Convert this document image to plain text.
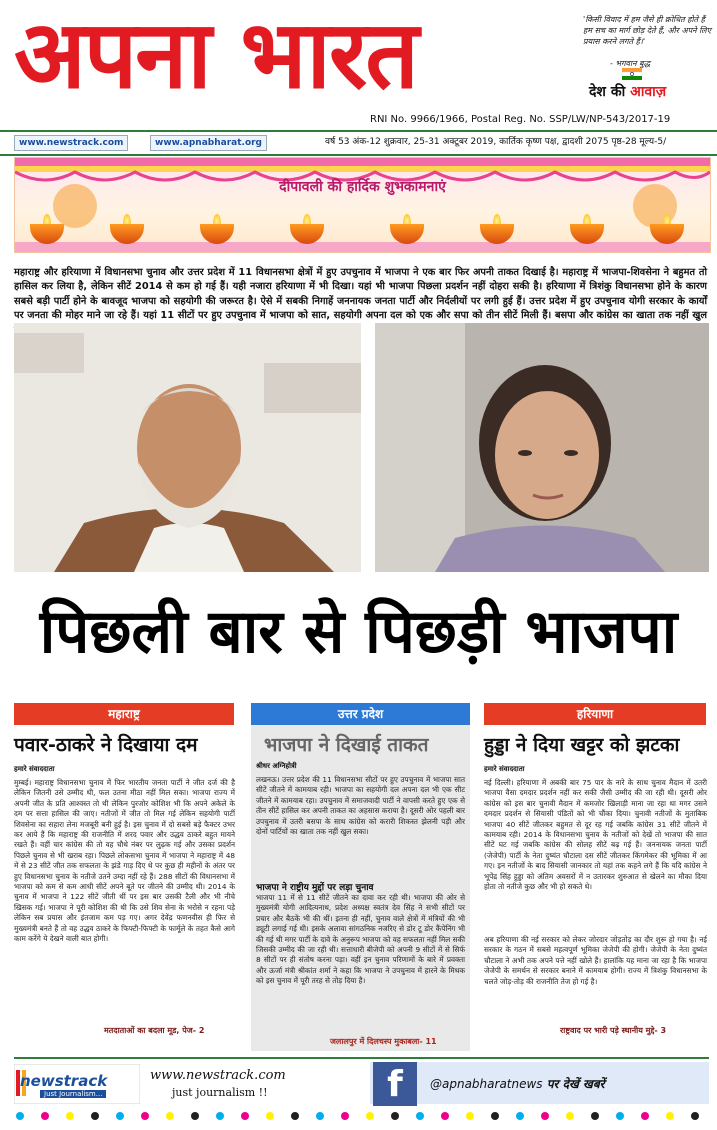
अपना भारत	'किसी विवाद में हम जैसे ही क्रोधित होते हैं हम सच का मार्ग छोड़ देते हैं, और अपने लिए प्रयास करने लगते हैं।'
- भगवान बुद्ध
देश की आवाज़
RNI No. 9966/1966, Postal Reg. No. SSP/LW/NP-543/2017-19
www.newstrack.com	www.apnabharat.org	वर्ष 53 अंक-12 शुक्रवार, 25-31 अक्टूबर 2019, कार्तिक कृष्ण पक्ष, द्वादशी 2075 पृष्ठ-28 मूल्य-5/
दीपावली की हार्दिक शुभकामनाएं
महाराष्ट्र और हरियाणा में विधानसभा चुनाव और उत्तर प्रदेश में 11 विधानसभा क्षेत्रों में हुए उपचुनाव में भाजपा ने एक बार फिर अपनी ताकत दिखाई है। महाराष्ट्र में भाजपा-शिवसेना ने बहुमत तो हासिल कर लिया है, लेकिन सीटें 2014 से कम हो गई हैं। यही नजारा हरियाणा में भी दिखा। यहां भी भाजपा पिछला प्रदर्शन नहीं दोहरा सकी है। हरियाणा में त्रिशंकु विधानसभा होने के कारण सबसे बड़ी पार्टी होने के बावजूद भाजपा को सहयोगी की जरूरत है। ऐसे में सबकी निगाहें जननायक जनता पार्टी और निर्दलीयों पर लगी हुई हैं। उत्तर प्रदेश में हुए उपचुनाव योगी सरकार के कार्यों पर जनता की मोहर माने जा रहे हैं। यहां 11 सीटों पर हुए उपचुनाव में भाजपा को सात, सहयोगी अपना दल को एक और सपा को तीन सीटें मिली हैं। बसपा और कांग्रेस का खाता तक नहीं खुल
पिछली बार से पिछड़ी भाजपा
महाराष्ट्र
पवार-ठाकरे ने दिखाया दम
हमारे संवाददाता
मुम्बई। महाराष्ट्र विधानसभा चुनाव में फिर भारतीय जनता पार्टी ने जीत दर्ज की है लेकिन जितनी उसे उम्मीद थी, फल उतना मीठा नहीं मिल सका। भाजपा राज्य में अपनी जीत के प्रति आश्वस्त तो थी लेकिन पुरजोर कोशिश भी कि अपने अकेले के दम पर सत्ता हासिल की जाए। नतीजों में जीत तो मिल गई लेकिन सहयोगी पार्टी शिवसेना का सहारा लेना मजबूरी बनी हुई है। इस चुनाव में दो सबसे बड़े फैक्टर उभर कर आये हैं कि महाराष्ट्र की राजनीति में शरद पवार और उद्धव ठाकरे बहुत मायने रखते हैं। वहीं चार कांग्रेस की तो वह चौथे नंबर पर लुढ़क गई और उसका प्रदर्शन पिछले चुनाव से भी खराब रहा। पिछले लोकसभा चुनाव में भाजपा ने महाराष्ट्र में 48 में से 23 सीटें जीत तक सफलता के झंडे गाड़ दिए थे पर कुछ ही महीनों के अंतर पर हुए विधानसभा चुनाव के नतीजे उतने उम्दा नहीं रहे हैं। 288 सीटों की विधानसभा में भाजपा को कम से कम आधी सीटें अपने बूते पर जीतने की उम्मीद थी। 2014 के चुनाव में भाजपा ने 122 सीटें जीती थीं पर इस बार उसकी टैली और भी नीचे खिसक गई। भाजपा ने पूरी कोशिश की थी कि उसे शिव सेना के भरोसे न रहना पड़े लेकिन सब प्रयास और इंतजाम कम पड़ गए। अगर देवेंद्र फणनवीस ही फिर से मुख्यमंत्री बनते हैं तो वह उद्धव ठाकरे के फिफ्टी-फिफ्टी के फार्मूले के तहत कैसे आगे काम करेंगे ये देखने वाली बात होगी।
मतदाताओं का बदला मूड, पेज- 2
उत्तर प्रदेश
भाजपा ने दिखाई ताकत
श्रीधर अग्निहोत्री
लखनऊ। उत्तर प्रदेश की 11 विधानसभा सीटों पर हुए उपचुनाव में भाजपा सात सीटें जीतने में कामयाब रही। भाजपा का सहयोगी दल अपना दल भी एक सीट जीतने में कामयाब रहा। उपचुनाव में समाजवादी पार्टी ने वापसी करते हुए एक से तीन सीटें हासिल कर अपनी ताकत का अहसास कराया है। दूसरी ओर पहली बार उपचुनाव में उतरी बसपा के साथ कांग्रेस को करारी शिकस्त झेलनी पड़ी और दोनों पार्टियों का खाता तक नहीं खुल सका।
भाजपा ने राष्ट्रीय मुद्दों पर लड़ा चुनाव
भाजपा 11 में से 11 सीटें जीतने का दावा कर रही थी। भाजपा की ओर से मुख्यमंत्री योगी आदित्यनाथ, प्रदेश अध्यक्ष स्वतंत्र देव सिंह ने सभी सीटों पर प्रचार और बैठकें भी की थीं। इतना ही नहीं, चुनाव वाले क्षेत्रों में मंत्रियों की भी ड्यूटी लगाई गई थी। इसके अलावा सांगठनिक नजरिए से डोर टू डोर कैंपेनिंग भी की गई थी मगर पार्टी के दावे के अनुरूप भाजपा को वह सफलता नहीं मिल सकी जिसकी उम्मीद की जा रही थी। सत्ताधारी बीजेपी को अपनी 9 सीटों में से सिर्फ 8 सीटों पर ही संतोष करना पड़ा। वहीं इन चुनाव परिणामों के बारे में प्रवक्ता और ऊर्जा मंत्री श्रीकांत शर्मा ने कहा कि भाजपा ने उपचुनाव में हारने के मिथक को इस चुनाव में पूरी तरह से तोड़ दिया है।
जलालपुर में दिलचस्प मुकाबला- 11
हरियाणा
हुड्डा ने दिया खट्टर को झटका
हमारे संवाददाता
नई दिल्ली। हरियाणा में अबकी बार 75 पार के नारे के साथ चुनाव मैदान में उतरी भाजपा वैसा दमदार प्रदर्शन नहीं कर सकी जैसी उम्मीद की जा रही थी। दूसरी ओर कांग्रेस को इस बार चुनावी मैदान में कमजोर खिलाड़ी माना जा रहा था मगर उसने दमदार प्रदर्शन से सियासी पंडितों को भी चौंका दिया। चुनावी नतीजों के मुताबिक भाजपा 40 सीटें जीतकर बहुमत से दूर रह गई जबकि कांग्रेस 31 सीटें जीतने में कामयाब रही। 2014 के विधानसभा चुनाव के नतीजों को देखें तो भाजपा की सात सीटें घट गई जबकि कांग्रेस की सोलह सीटें बढ़ गई हैं। जननायक जनता पार्टी (जेजेपी) पार्टी के नेता दुष्यंत चौटाला दस सीटें जीतकर किंगमेकर की भूमिका में आ गए। इन नतीजों के बाद सियासी जानकार तो यहां तक कहने लगे हैं कि यदि कांग्रेस ने भूपेंद्र सिंह हुड्डा को अंतिम अवसरों में न उतारकर शुरुआत से खेलने का मौका दिया होता तो नतीजे कुछ और भी हो सकते थे।
अब हरियाणा की नई सरकार को लेकर जोरदार जोड़तोड़ का दौर शुरू हो गया है। नई सरकार के गठन में सबसे महत्वपूर्ण भूमिका जेजेपी की होगी। जेजेपी के नेता दुष्यंत चौटाला ने अभी तक अपने पत्ते नहीं खोले हैं। हालांकि यह माना जा रहा है कि भाजपा जेजेपी के समर्थन से सरकार बनाने में कामयाब होगी। राज्य में त्रिशंकु विधानसभा के चलते जोड़-तोड़ की राजनीति तेज हो गई है।
राष्ट्रवाद पर भारी पड़े स्थानीय मुद्दे- 3
newstrack
Just Journalism...
www.newstrack.com
just journalism !!	f	@apnabharatnews पर देखें खबरें
